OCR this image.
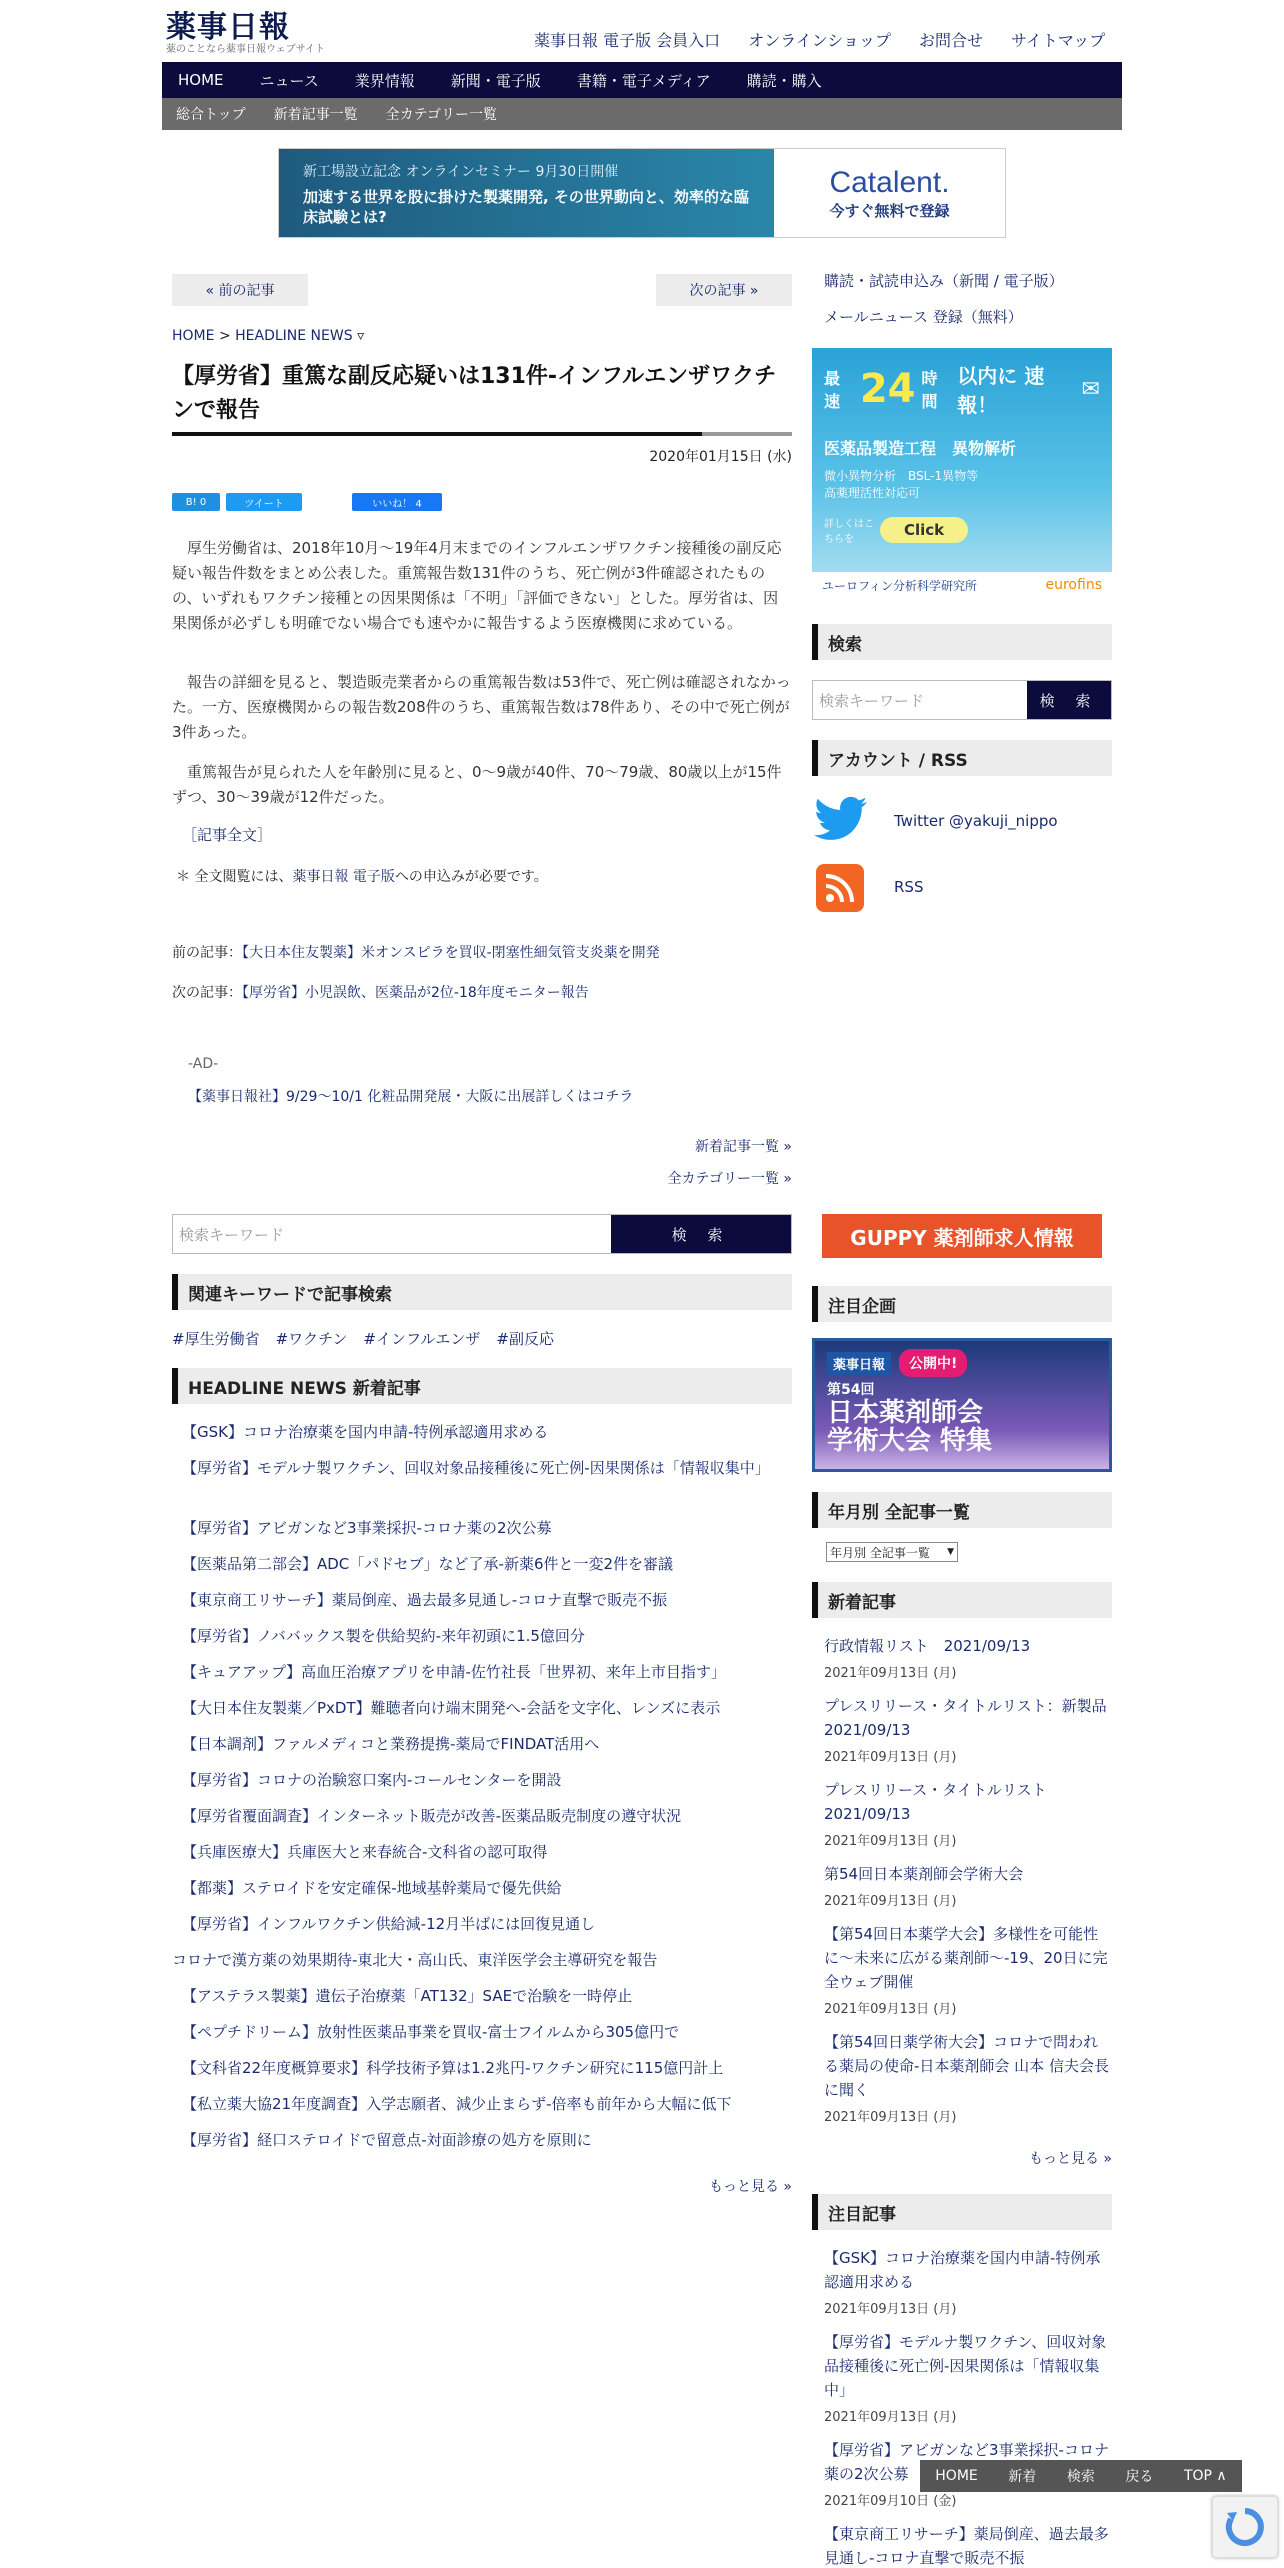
薬事日報
薬のことなら薬事日報ウェブサイト	薬事日報 電子版 会員入口 オンラインショップ お問合せ サイトマップ
HOME ニュース 業界情報 新聞・電子版 書籍・電子メディア 購読・購入
総合トップ 新着記事一覧 全カテゴリー一覧
新工場設立記念 オンラインセミナー 9月30日開催
加速する世界を股に掛けた製薬開発, その世界動向と、効率的な臨床試験とは?
Catalent.
今すぐ無料で登録
« 前の記事	次の記事 »
HOME > HEADLINE NEWS ▿
【厚労省】重篤な副反応疑いは131件-インフルエンザワクチンで報告
2020年01月15日 (水)
B! 0	ツイート	いいね！ 4
厚生労働省は、2018年10月～19年4月末までのインフルエンザワクチン接種後の副反応疑い報告件数をまとめ公表した。重篤報告数131件のうち、死亡例が3件確認されたものの、いずれもワクチン接種との因果関係は「不明」「評価できない」とした。厚労省は、因果関係が必ずしも明確でない場合でも速やかに報告するよう医療機関に求めている。
報告の詳細を見ると、製造販売業者からの重篤報告数は53件で、死亡例は確認されなかった。一方、医療機関からの報告数208件のうち、重篤報告数は78件あり、その中で死亡例が3件あった。
重篤報告が見られた人を年齢別に見ると、0～9歳が40件、70～79歳、80歳以上が15件ずつ、30～39歳が12件だった。
［記事全文］
＊ 全文閲覧には、薬事日報 電子版への申込みが必要です。
前の記事：【大日本住友製薬】米オンスピラを買収-閉塞性細気管支炎薬を開発
次の記事：【厚労省】小児誤飲、医薬品が2位-18年度モニター報告
-AD-
【薬事日報社】9/29～10/1 化粧品開発展・大阪に出展詳しくはコチラ
新着記事一覧 »
全カテゴリー一覧 »
検索キーワード	検 索
関連キーワードで記事検索
#厚生労働省 #ワクチン #インフルエンザ #副反応
HEADLINE NEWS 新着記事
【GSK】コロナ治療薬を国内申請-特例承認適用求める
【厚労省】モデルナ製ワクチン、回収対象品接種後に死亡例-因果関係は「情報収集中」
【厚労省】アビガンなど3事業採択-コロナ薬の2次公募
【医薬品第二部会】ADC「パドセブ」など了承-新薬6件と一変2件を審議
【東京商工リサーチ】薬局倒産、過去最多見通し-コロナ直撃で販売不振
【厚労省】ノババックス製を供給契約-来年初頭に1.5億回分
【キュアアップ】高血圧治療アプリを申請-佐竹社長「世界初、来年上市目指す」
【大日本住友製薬／PxDT】難聴者向け端末開発へ-会話を文字化、レンズに表示
【日本調剤】ファルメディコと業務提携-薬局でFINDAT活用へ
【厚労省】コロナの治験窓口案内-コールセンターを開設
【厚労省覆面調査】インターネット販売が改善-医薬品販売制度の遵守状況
【兵庫医療大】兵庫医大と来春統合-文科省の認可取得
【都薬】ステロイドを安定確保-地域基幹薬局で優先供給
【厚労省】インフルワクチン供給減-12月半ばには回復見通し
コロナで漢方薬の効果期待-東北大・高山氏、東洋医学会主導研究を報告
【アステラス製薬】遺伝子治療薬「AT132」SAEで治験を一時停止
【ペプチドリーム】放射性医薬品事業を買収-富士フイルムから305億円で
【文科省22年度概算要求】科学技術予算は1.2兆円-ワクチン研究に115億円計上
【私立薬大協21年度調査】入学志願者、減少止まらず-倍率も前年から大幅に低下
【厚労省】経口ステロイドで留意点-対面診療の処方を原則に
もっと見る »
購読・試読申込み（新聞 / 電子版）
メールニュース 登録（無料）
最速 24 時間
以内に 速報！
✉
医薬品製造工程　異物解析
微小異物分析　BSL-1異物等
高薬理活性対応可
詳しくはこちらを
Click
ユーロフィン分析科学研究所	eurofins
検索
検索キーワード	検 索
アカウント / RSS
Twitter @yakuji_nippo
RSS
GUPPY 薬剤師求人情報
注目企画
薬事日報	公開中!
第54回
日本薬剤師会
学術大会 特集
年月別 全記事一覧
年月別 全記事一覧 ▼
新着記事
行政情報リスト　2021/09/13
2021年09月13日 (月)
プレスリリース・タイトルリスト：新製品　2021/09/13
2021年09月13日 (月)
プレスリリース・タイトルリスト　2021/09/13
2021年09月13日 (月)
第54回日本薬剤師会学術大会
2021年09月13日 (月)
【第54回日本薬学大会】多様性を可能性に～未来に広がる薬剤師～-19、20日に完全ウェブ開催
2021年09月13日 (月)
【第54回日薬学術大会】コロナで問われる薬局の使命-日本薬剤師会 山本 信夫会長に聞く
2021年09月13日 (月)
もっと見る »
注目記事
【GSK】コロナ治療薬を国内申請-特例承認適用求める
2021年09月13日 (月)
【厚労省】モデルナ製ワクチン、回収対象品接種後に死亡例-因果関係は「情報収集中」
2021年09月13日 (月)
【厚労省】アビガンなど3事業採択-コロナ薬の2次公募
2021年09月10日 (金)
【東京商工リサーチ】薬局倒産、過去最多見通し-コロナ直撃で販売不振
HOME 新着 検索 戻る TOP ∧
